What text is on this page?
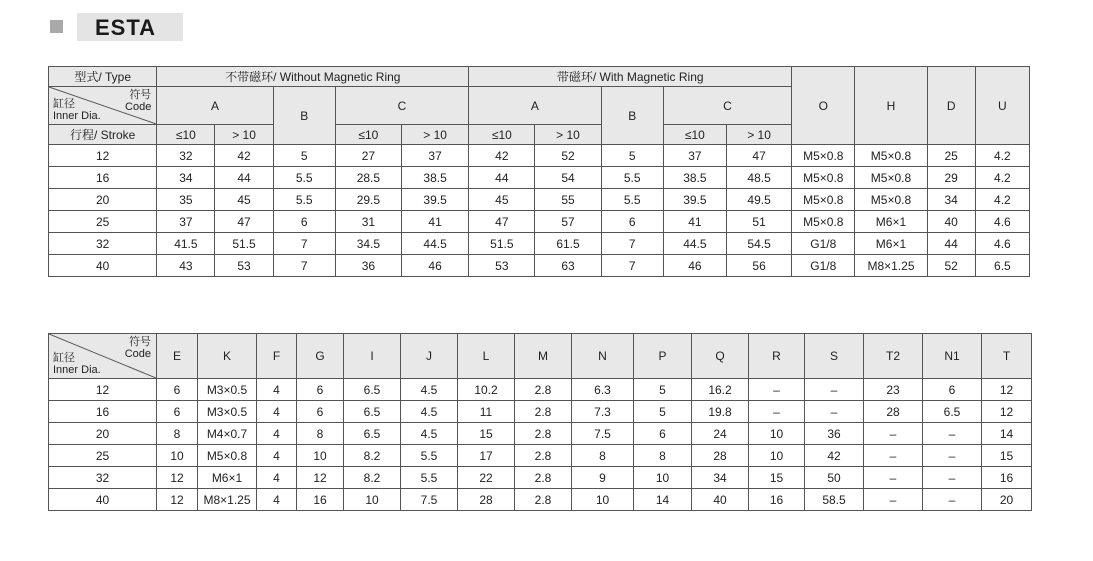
ESTA
型式/ Type	不带磁环/ Without Magnetic Ring					带磁环/ With Magnetic Ring					O	H	D	U

符号
Code
缸径
Inner Dia.	A		B	C		A		B	C					
行程/ Stroke	≤10	> 10		≤10	> 10	≤10	> 10		≤10	> 10				
12	32	42	5	27	37	42	52	5	37	47	M5×0.8	M5×0.8	25	4.2
16	34	44	5.5	28.5	38.5	44	54	5.5	38.5	48.5	M5×0.8	M5×0.8	29	4.2
20	35	45	5.5	29.5	39.5	45	55	5.5	39.5	49.5	M5×0.8	M5×0.8	34	4.2
25	37	47	6	31	41	47	57	6	41	51	M5×0.8	M6×1	40	4.6
32	41.5	51.5	7	34.5	44.5	51.5	61.5	7	44.5	54.5	G1/8	M6×1	44	4.6
40	43	53	7	36	46	53	63	7	46	56	G1/8	M8×1.25	52	6.5
符号
Code
缸径
Inner Dia.	E	K	F	G	I	J	L	M	N	P	Q	R	S	T2	N1	T
12	6	M3×0.5	4	6	6.5	4.5	10.2	2.8	6.3	5	16.2	–	–	23	6	12
16	6	M3×0.5	4	6	6.5	4.5	11	2.8	7.3	5	19.8	–	–	28	6.5	12
20	8	M4×0.7	4	8	6.5	4.5	15	2.8	7.5	6	24	10	36	–	–	14
25	10	M5×0.8	4	10	8.2	5.5	17	2.8	8	8	28	10	42	–	–	15
32	12	M6×1	4	12	8.2	5.5	22	2.8	9	10	34	15	50	–	–	16
40	12	M8×1.25	4	16	10	7.5	28	2.8	10	14	40	16	58.5	–	–	20
